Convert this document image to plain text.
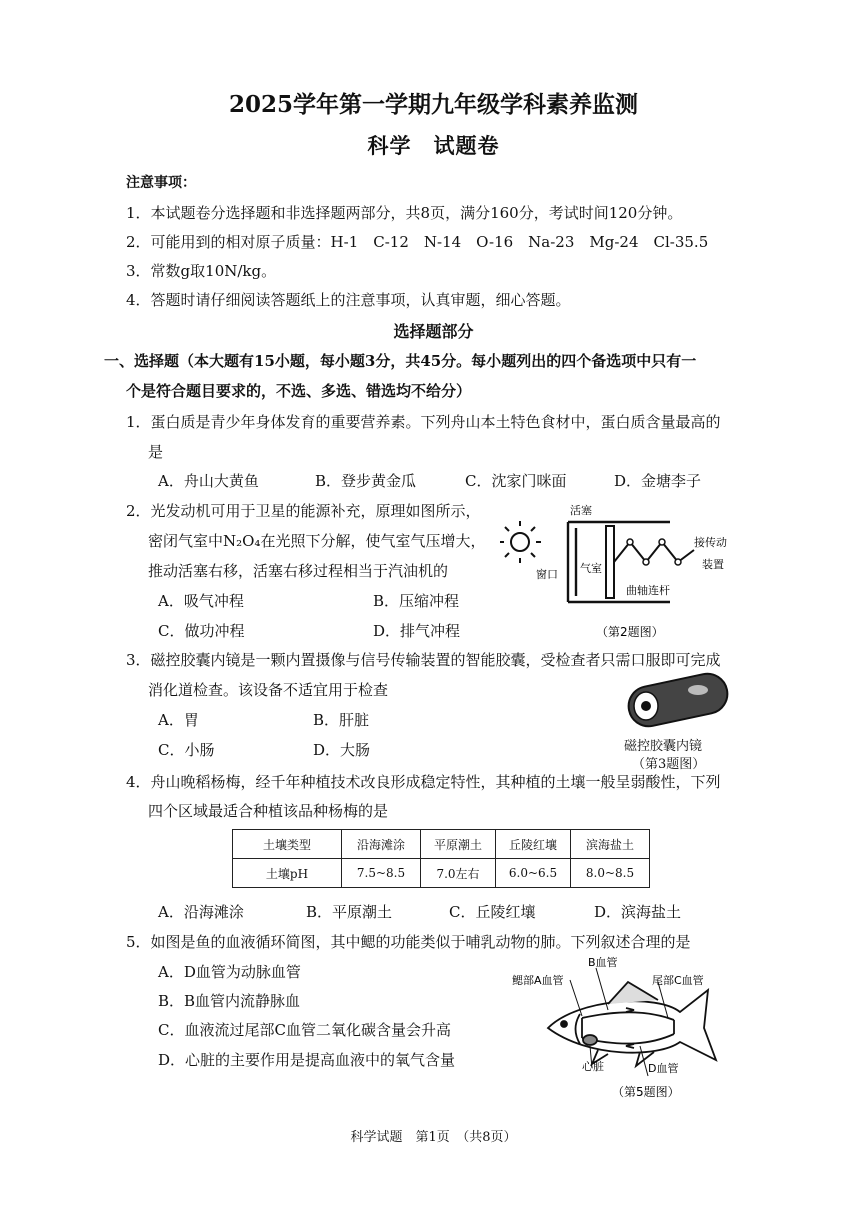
2025学年第一学期九年级学科素养监测
科学　试题卷
注意事项：
1．本试题卷分选择题和非选择题两部分，共8页，满分160分，考试时间120分钟。
2．可能用到的相对原子质量：H-1　C-12　N-14　O-16　Na-23　Mg-24　Cl-35.5
3．常数g取10N/kg。
4．答题时请仔细阅读答题纸上的注意事项，认真审题，细心答题。
选择题部分
一、选择题（本大题有15小题，每小题3分，共45分。每小题列出的四个备选项中只有一
个是符合题目要求的，不选、多选、错选均不给分）
1．蛋白质是青少年身体发育的重要营养素。下列舟山本土特色食材中，蛋白质含量最高的
是
A．舟山大黄鱼	B．登步黄金瓜	C．沈家门咪面	D．金塘李子
2．光发动机可用于卫星的能源补充，原理如图所示，
密闭气室中N₂O₄在光照下分解，使气室气压增大，
推动活塞右移，活塞右移过程相当于汽油机的
A．吸气冲程	B．压缩冲程
C．做功冲程	D．排气冲程
活塞
窗口 气室
曲轴连杆
接传动
装置
（第2题图）
3．磁控胶囊内镜是一颗内置摄像与信号传输装置的智能胶囊，受检查者只需口服即可完成
消化道检查。该设备不适宜用于检查
A．胃	B．肝脏
C．小肠	D．大肠	磁控胶囊内镜
（第3题图）
4．舟山晚稻杨梅，经千年种植技术改良形成稳定特性，其种植的土壤一般呈弱酸性，下列
四个区域最适合种植该品种杨梅的是
土壤类型	沿海滩涂	平原潮土	丘陵红壤	滨海盐土
土壤pH	7.5~8.5	7.0左右	6.0~6.5	8.0~8.5
A．沿海滩涂	B．平原潮土	C．丘陵红壤	D．滨海盐土
5．如图是鱼的血液循环简图，其中鳃的功能类似于哺乳动物的肺。下列叙述合理的是
A．D血管为动脉血管
B．B血管内流静脉血
C．血液流过尾部C血管二氧化碳含量会升高
D．心脏的主要作用是提高血液中的氧气含量
B血管
鳃部A血管	尾部C血管
心脏	D血管
（第5题图）
科学试题　第1页　（共8页）
